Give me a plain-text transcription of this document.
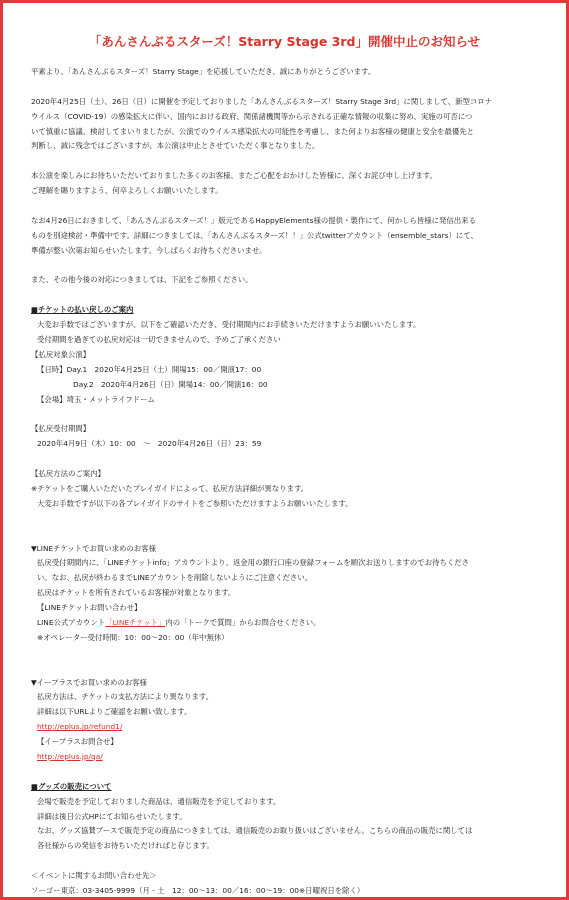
「あんさんぶるスターズ！Starry Stage 3rd」開催中止のお知らせ
平素より、「あんさんぶるスターズ！Starry Stage」を応援していただき、誠にありがとうございます。
2020年4月25日（土）、26日（日）に開催を予定しておりました「あんさんぶるスターズ！Starry Stage 3rd」に関しまして、新型コロナ
ウイルス（COVID-19）の感染拡大に伴い、国内における政府、関係諸機関等から示される正確な情報の収集に努め、実施の可否につ
いて慎重に協議、検討してまいりましたが、公演でのウイルス感染拡大の可能性を考慮し、また何よりお客様の健康と安全を最優先と
判断し、誠に残念ではございますが、本公演は中止とさせていただく事となりました。
本公演を楽しみにお待ちいただいておりました多くのお客様、またご心配をおかけした皆様に、深くお詫び申し上げます。
ご理解を賜りますよう、何卒よろしくお願いいたします。
なお4月26日におきまして、「あんさんぶるスターズ！」版元であるHappyElements様の提供・製作にて、何かしら皆様に発信出来る
ものを別途検討・準備中です。詳細につきましては、「あんさんぶるスターズ！！」公式twitterアカウント（ensemble_stars）にて、
準備が整い次第お知らせいたします。今しばらくお待ちくださいませ。
また、その他今後の対応につきましては、下記をご参照ください。
■チケットの払い戻しのご案内
大変お手数ではございますが、以下をご確認いただき、受付期間内にお手続きいただけますようお願いいたします。
受付期間を過ぎての払戻対応は一切できませんので、予めご了承ください
【払戻対象公演】
【日時】Day.1　2020年4月25日（土）開場15：00／開演17：00
Day.2　2020年4月26日（日）開場14：00／開演16：00
【会場】埼玉・メットライフドーム
【払戻受付期間】
2020年4月9日（木）10：00　～　2020年4月26日（日）23：59
【払戻方法のご案内】
※チケットをご購入いただいたプレイガイドによって、払戻方法詳細が異なります。
大変お手数ですが以下の各プレイガイドのサイトをご参照いただけますようお願いいたします。
▼LINEチケットでお買い求めのお客様
払戻受付期間内に、「LINEチケットinfo」アカウントより、返金用の銀行口座の登録フォームを順次お送りしますのでお待ちくださ
い。なお、払戻が終わるまでLINEアカウントを削除しないようにご注意ください。
払戻はチケットを所有されているお客様が対象となります。
【LINEチケットお問い合わせ】
LINE公式アカウント「LINEチケット」内の「トークで質問」からお問合せください。
※オペレーター受付時間：10：00～20：00（年中無休）
▼イープラスでお買い求めのお客様
払戻方法は、チケットの支払方法により異なります。
詳細は以下URLよりご確認をお願い致します。
http://eplus.jp/refund1/
【イープラスお問合せ】
http://eplus.jp/qa/
■グッズの販売について
会場で販売を予定しておりました商品は、通信販売を予定しております。
詳細は後日公式HPにてお知らせいたします。
なお、グッズ協賛ブースで販売予定の商品につきましては、通信販売のお取り扱いはございません。こちらの商品の販売に関しては
各社様からの発信をお待ちいただければと存じます。
＜イベントに関するお問い合わせ先＞
ソーゴー東京：03-3405-9999（月 - 土　12：00～13：00／16：00～19：00※日曜祝日を除く）
